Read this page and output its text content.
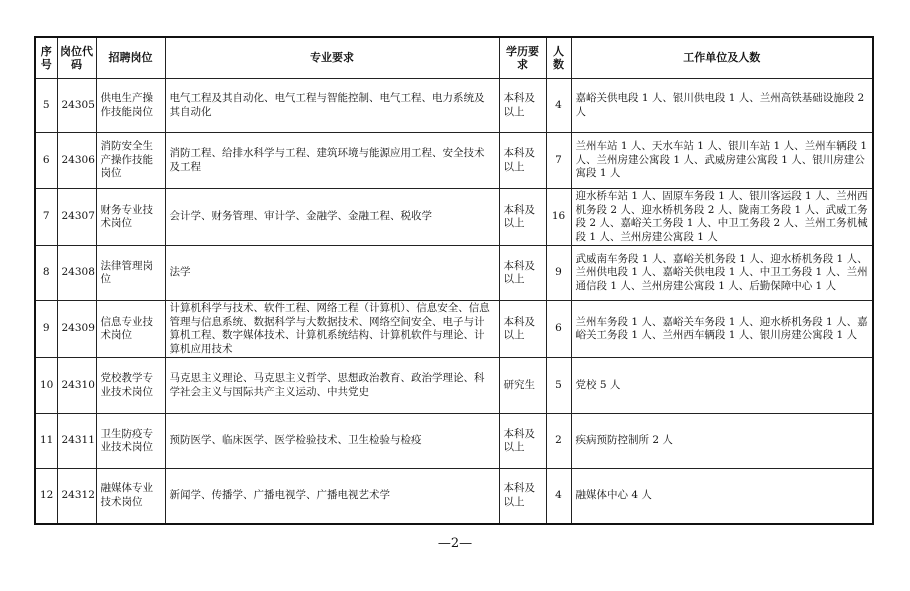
序号	岗位代码	招聘岗位	专业要求	学历要求	人数	工作单位及人数
5	24305	供电生产操作技能岗位	电气工程及其自动化、电气工程与智能控制、电气工程、电力系统及其自动化	本科及以上	4	嘉峪关供电段 1 人、银川供电段 1 人、兰州高铁基础设施段 2 人
6	24306	消防安全生产操作技能岗位	消防工程、给排水科学与工程、建筑环境与能源应用工程、安全技术及工程	本科及以上	7	兰州车站 1 人、天水车站 1 人、银川车站 1 人、兰州车辆段 1 人、兰州房建公寓段 1 人、武威房建公寓段 1 人、银川房建公寓段 1 人
7	24307	财务专业技术岗位	会计学、财务管理、审计学、金融学、金融工程、税收学	本科及以上	16	迎水桥车站 1 人、固原车务段 1 人、银川客运段 1 人、兰州西机务段 2 人、迎水桥机务段 2 人、陇南工务段 1 人、武威工务段 2 人、嘉峪关工务段 1 人、中卫工务段 2 人、兰州工务机械段 1 人、兰州房建公寓段 1 人
8	24308	法律管理岗位	法学	本科及以上	9	武威南车务段 1 人、嘉峪关机务段 1 人、迎水桥机务段 1 人、兰州供电段 1 人、嘉峪关供电段 1 人、中卫工务段 1 人、兰州通信段 1 人、兰州房建公寓段 1 人、后勤保障中心 1 人
9	24309	信息专业技术岗位	计算机科学与技术、软件工程、网络工程（计算机）、信息安全、信息管理与信息系统、数据科学与大数据技术、网络空间安全、电子与计算机工程、数字媒体技术、计算机系统结构、计算机软件与理论、计算机应用技术	本科及以上	6	兰州车务段 1 人、嘉峪关车务段 1 人、迎水桥机务段 1 人、嘉峪关工务段 1 人、兰州西车辆段 1 人、银川房建公寓段 1 人
10	24310	党校教学专业技术岗位	马克思主义理论、马克思主义哲学、思想政治教育、政治学理论、科学社会主义与国际共产主义运动、中共党史	研究生	5	党校 5 人
11	24311	卫生防疫专业技术岗位	预防医学、临床医学、医学检验技术、卫生检验与检疫	本科及以上	2	疾病预防控制所 2 人
12	24312	融媒体专业技术岗位	新闻学、传播学、广播电视学、广播电视艺术学	本科及以上	4	融媒体中心 4 人
—2—
